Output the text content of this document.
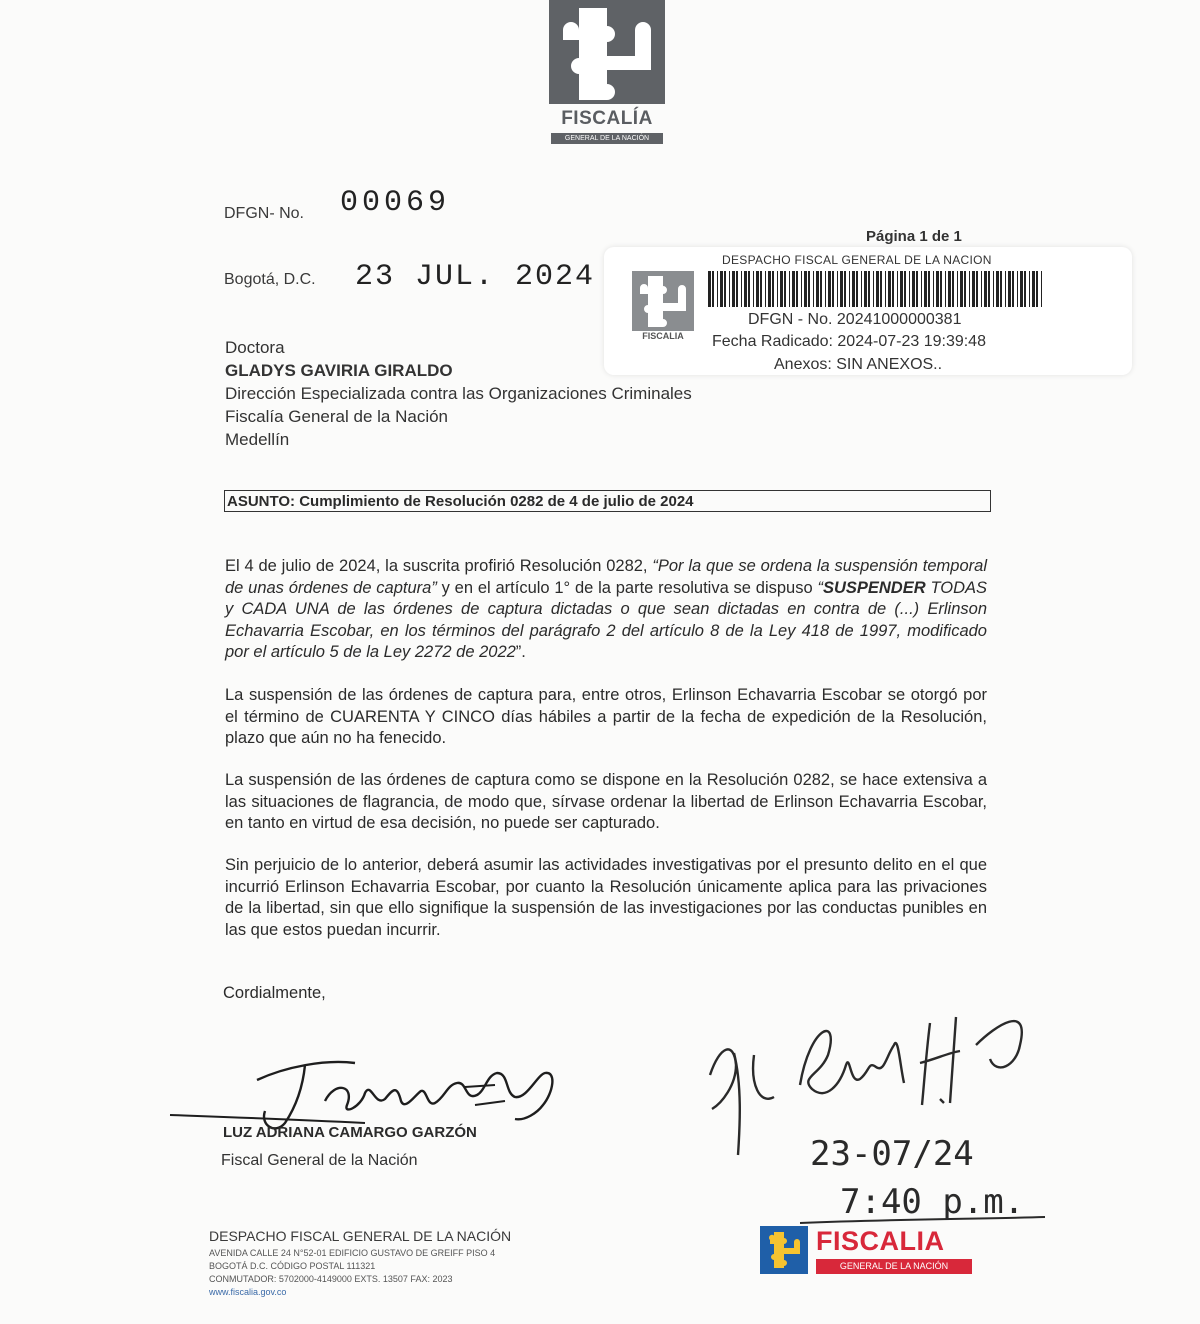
FISCALÍA
GENERAL DE LA NACIÓN
DFGN- No. 00069
Página 1 de 1
Bogotá, D.C. 23 JUL. 2024	DESPACHO FISCAL GENERAL DE LA NACION
FISCALIA
DFGN - No. 20241000000381
Fecha Radicado: 2024-07-23 19:39:48
Anexos: SIN ANEXOS..
Doctora
GLADYS GAVIRIA GIRALDO
Dirección Especializada contra las Organizaciones Criminales
Fiscalía General de la Nación
Medellín
ASUNTO: Cumplimiento de Resolución 0282 de 4 de julio de 2024
El 4 de julio de 2024, la suscrita profirió Resolución 0282, “Por la que se ordena la suspensión temporal de unas órdenes de captura” y en el artículo 1° de la parte resolutiva se dispuso “SUSPENDER TODAS y CADA UNA de las órdenes de captura dictadas o que sean dictadas en contra de (...) Erlinson Echavarria Escobar, en los términos del parágrafo 2 del artículo 8 de la Ley 418 de 1997, modificado por el artículo 5 de la Ley 2272 de 2022”.
La suspensión de las órdenes de captura para, entre otros, Erlinson Echavarria Escobar se otorgó por el término de CUARENTA Y CINCO días hábiles a partir de la fecha de expedición de la Resolución, plazo que aún no ha fenecido.
La suspensión de las órdenes de captura como se dispone en la Resolución 0282, se hace extensiva a las situaciones de flagrancia, de modo que, sírvase ordenar la libertad de Erlinson Echavarria Escobar, en tanto en virtud de esa decisión, no puede ser capturado.
Sin perjuicio de lo anterior, deberá asumir las actividades investigativas por el presunto delito en el que incurrió Erlinson Echavarria Escobar, por cuanto la Resolución únicamente aplica para las privaciones de la libertad, sin que ello signifique la suspensión de las investigaciones por las conductas punibles en las que estos puedan incurrir.
Cordialmente,
LUZ ADRIANA CAMARGO GARZÓN
Fiscal General de la Nación	23-07/24
7:40 p.m.
DESPACHO FISCAL GENERAL DE LA NACIÓN
AVENIDA CALLE 24 N°52-01 EDIFICIO GUSTAVO DE GREIFF PISO 4
BOGOTÁ D.C. CÓDIGO POSTAL 111321
CONMUTADOR: 5702000-4149000 EXTS. 13507 FAX: 2023
www.fiscalia.gov.co
FISCALIA
GENERAL DE LA NACIÓN
